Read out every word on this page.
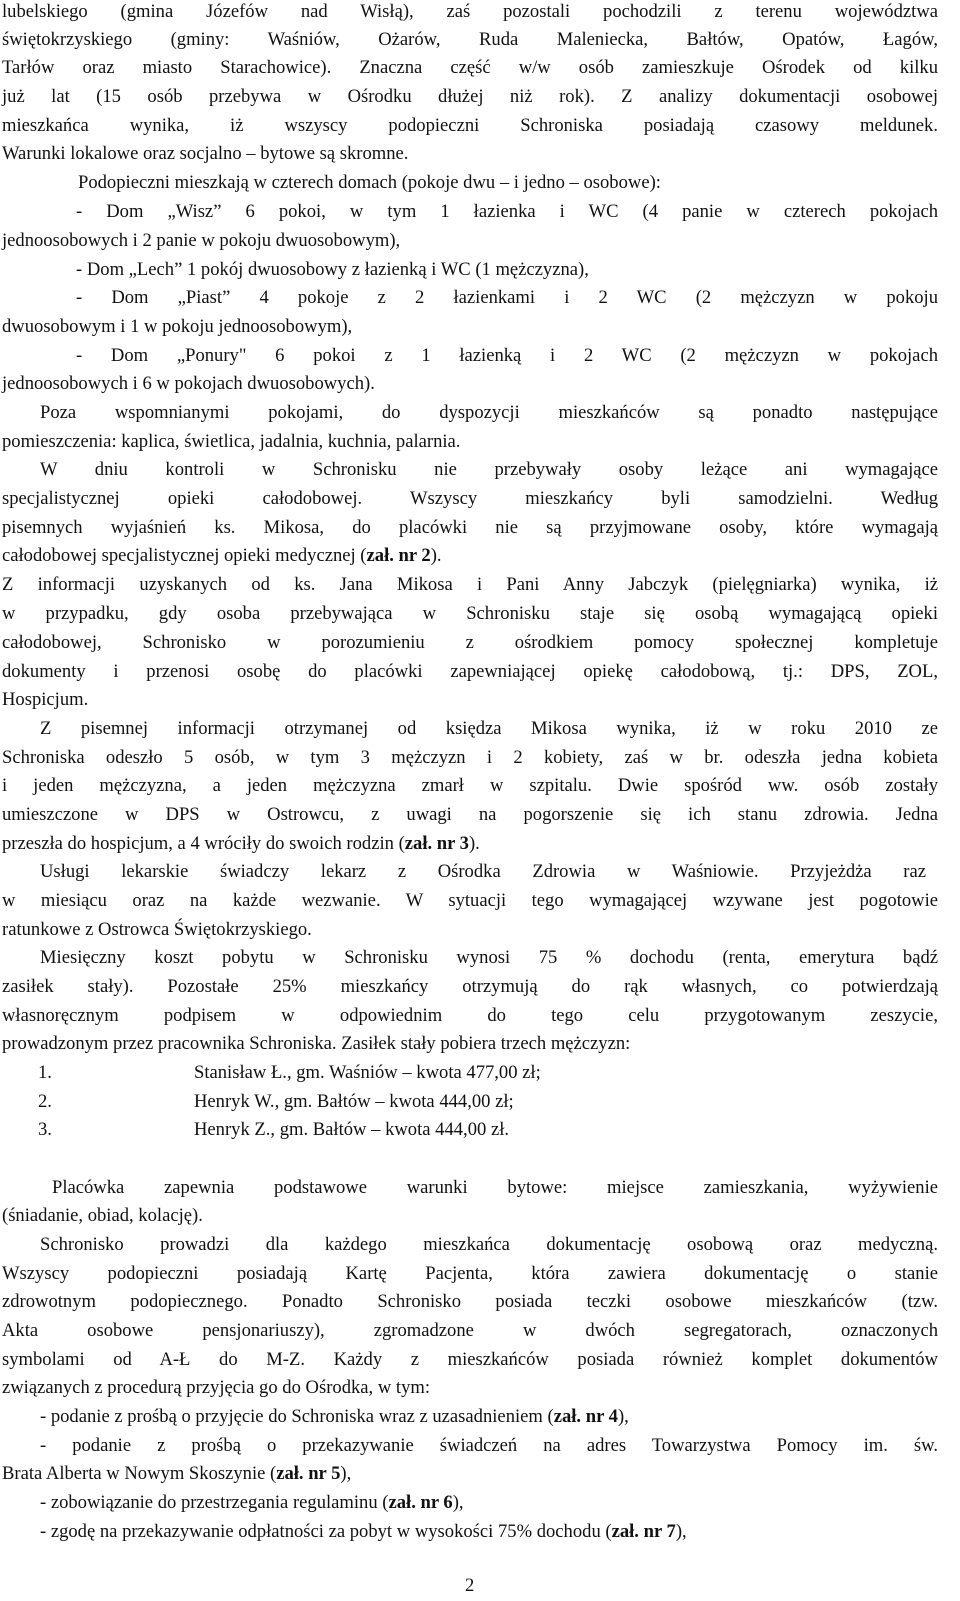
lubelskiego (gmina Józefów nad Wisłą), zaś pozostali pochodzili z terenu województwa
świętokrzyskiego (gminy: Waśniów, Ożarów, Ruda Maleniecka, Bałtów, Opatów, Łagów,
Tarłów oraz miasto Starachowice). Znaczna część w/w osób zamieszkuje Ośrodek od kilku
już lat (15 osób przebywa w Ośrodku dłużej niż rok). Z analizy dokumentacji osobowej
mieszkańca wynika, iż wszyscy podopieczni Schroniska posiadają czasowy meldunek.
Warunki lokalowe oraz socjalno – bytowe są skromne.
Podopieczni mieszkają w czterech domach (pokoje dwu – i jedno – osobowe):
- Dom „Wisz” 6 pokoi, w tym 1 łazienka i WC (4 panie w czterech pokojach
jednoosobowych i 2 panie w pokoju dwuosobowym),
- Dom „Lech” 1 pokój dwuosobowy z łazienką i WC (1 mężczyzna),
- Dom „Piast” 4 pokoje z 2 łazienkami i 2 WC (2 mężczyzn w pokoju
dwuosobowym i 1 w pokoju jednoosobowym),
- Dom „Ponury" 6 pokoi z 1 łazienką i 2 WC (2 mężczyzn w pokojach
jednoosobowych i 6 w pokojach dwuosobowych).
Poza wspomnianymi pokojami, do dyspozycji mieszkańców są ponadto następujące
pomieszczenia: kaplica, świetlica, jadalnia, kuchnia, palarnia.
W dniu kontroli w Schronisku nie przebywały osoby leżące ani wymagające
specjalistycznej opieki całodobowej. Wszyscy mieszkańcy byli samodzielni. Według
pisemnych wyjaśnień ks. Mikosa, do placówki nie są przyjmowane osoby, które wymagają
całodobowej specjalistycznej opieki medycznej (zał. nr 2).
Z informacji uzyskanych od ks. Jana Mikosa i Pani Anny Jabczyk (pielęgniarka) wynika, iż
w przypadku, gdy osoba przebywająca w Schronisku staje się osobą wymagającą opieki
całodobowej, Schronisko w porozumieniu z ośrodkiem pomocy społecznej kompletuje
dokumenty i przenosi osobę do placówki zapewniającej opiekę całodobową, tj.: DPS, ZOL,
Hospicjum.
Z pisemnej informacji otrzymanej od księdza Mikosa wynika, iż w roku 2010 ze
Schroniska odeszło 5 osób, w tym 3 mężczyzn i 2 kobiety, zaś w br. odeszła jedna kobieta
i jeden mężczyzna, a jeden mężczyzna zmarł w szpitalu. Dwie spośród ww. osób zostały
umieszczone w DPS w Ostrowcu, z uwagi na pogorszenie się ich stanu zdrowia. Jedna
przeszła do hospicjum, a 4 wróciły do swoich rodzin (zał. nr 3).
Usługi lekarskie świadczy lekarz z Ośrodka Zdrowia w Waśniowie. Przyjeżdża raz
w miesiącu oraz na każde wezwanie. W sytuacji tego wymagającej wzywane jest pogotowie
ratunkowe z Ostrowca Świętokrzyskiego.
Miesięczny koszt pobytu w Schronisku wynosi 75 % dochodu (renta, emerytura bądź
zasiłek stały). Pozostałe 25% mieszkańcy otrzymują do rąk własnych, co potwierdzają
własnoręcznym podpisem w odpowiednim do tego celu przygotowanym zeszycie,
prowadzonym przez pracownika Schroniska. Zasiłek stały pobiera trzech mężczyzn:
1.	Stanisław Ł., gm. Waśniów – kwota 477,00 zł;
2.	Henryk W., gm. Bałtów – kwota 444,00 zł;
3.	Henryk Z., gm. Bałtów – kwota 444,00 zł.
Placówka zapewnia podstawowe warunki bytowe: miejsce zamieszkania, wyżywienie
(śniadanie, obiad, kolację).
Schronisko prowadzi dla każdego mieszkańca dokumentację osobową oraz medyczną.
Wszyscy podopieczni posiadają Kartę Pacjenta, która zawiera dokumentację o stanie
zdrowotnym podopiecznego. Ponadto Schronisko posiada teczki osobowe mieszkańców (tzw.
Akta osobowe pensjonariuszy), zgromadzone w dwóch segregatorach, oznaczonych
symbolami od A-Ł do M-Z. Każdy z mieszkańców posiada również komplet dokumentów
związanych z procedurą przyjęcia go do Ośrodka, w tym:
- podanie z prośbą o przyjęcie do Schroniska wraz z uzasadnieniem (zał. nr 4),
- podanie z prośbą o przekazywanie świadczeń na adres Towarzystwa Pomocy im. św.
Brata Alberta w Nowym Skoszynie (zał. nr 5),
- zobowiązanie do przestrzegania regulaminu (zał. nr 6),
- zgodę na przekazywanie odpłatności za pobyt w wysokości 75% dochodu (zał. nr 7),
2
